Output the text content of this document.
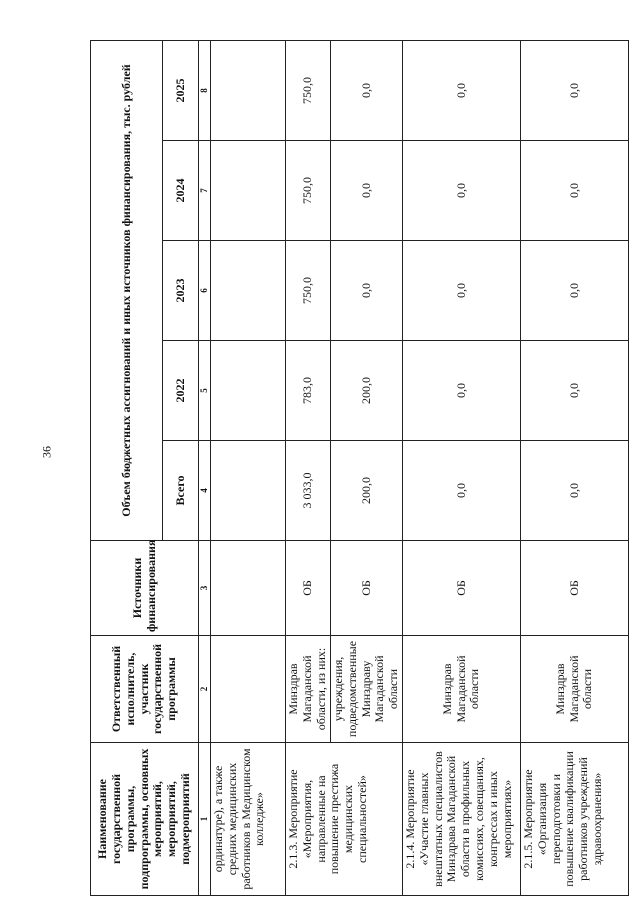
36
Наименование государственной программы, подпрограммы, основных мероприятий, мероприятий, подмероприятий	Ответственный исполнитель, участник государственной программы	Источники финансирования	Объем бюджетных ассигнований и иных источников финансирования, тыс. рублей				
			Всего	2022	2023	2024	2025
1	2	3	4	5	6	7	8
ординатуре), а также средних медицинских работников в Медицинском колледже»							
2.1.3. Мероприятие «Мероприятия, направленные на повышение престижа медицинских специальностей»	Минздрав Магаданской области, из них:	ОБ	3 033,0	783,0	750,0	750,0	750,0
	учреждения, подведомственные Минздраву Магаданской области	ОБ	200,0	200,0	0,0	0,0	0,0
2.1.4. Мероприятие «Участие главных внештатных специалистов Минздрава Магаданской области в профильных комиссиях, совещаниях, конгрессах и иных мероприятиях»	Минздрав Магаданской области	ОБ	0,0	0,0	0,0	0,0	0,0
2.1.5. Мероприятие «Организация переподготовки и повышение квалификации работников учреждений здравоохранения»	Минздрав Магаданской области	ОБ	0,0	0,0	0,0	0,0	0,0
